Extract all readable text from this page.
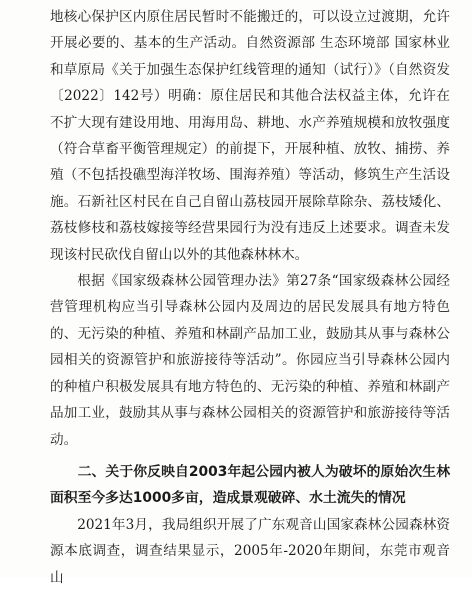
地核心保护区内原住居民暂时不能搬迁的，可以设立过渡期，允许开展必要的、基本的生产活动。自然资源部 生态环境部 国家林业和草原局《关于加强生态保护红线管理的通知（试行）》（自然资发〔2022〕142号）明确：原住居民和其他合法权益主体，允许在不扩大现有建设用地、用海用岛、耕地、水产养殖规模和放牧强度（符合草畜平衡管理规定）的前提下，开展种植、放牧、捕捞、养殖（不包括投礁型海洋牧场、围海养殖）等活动，修筑生产生活设施。石新社区村民在自己自留山荔枝园开展除草除杂、荔枝矮化、荔枝修枝和荔枝嫁接等经营果园行为没有违反上述要求。调查未发现该村民砍伐自留山以外的其他森林林木。

根据《国家级森林公园管理办法》第27条“国家级森林公园经营管理机构应当引导森林公园内及周边的居民发展具有地方特色的、无污染的种植、养殖和林副产品加工业，鼓励其从事与森林公园相关的资源管护和旅游接待等活动”。你园应当引导森林公园内的种植户积极发展具有地方特色的、无污染的种植、养殖和林副产品加工业，鼓励其从事与森林公园相关的资源管护和旅游接待等活动。

二、关于你反映自2003年起公园内被人为破坏的原始次生林面积至今多达1000多亩，造成景观破碎、水土流失的情况

2021年3月，我局组织开展了广东观音山国家森林公园森林资源本底调查，调查结果显示，2005年-2020年期间，东莞市观音山
